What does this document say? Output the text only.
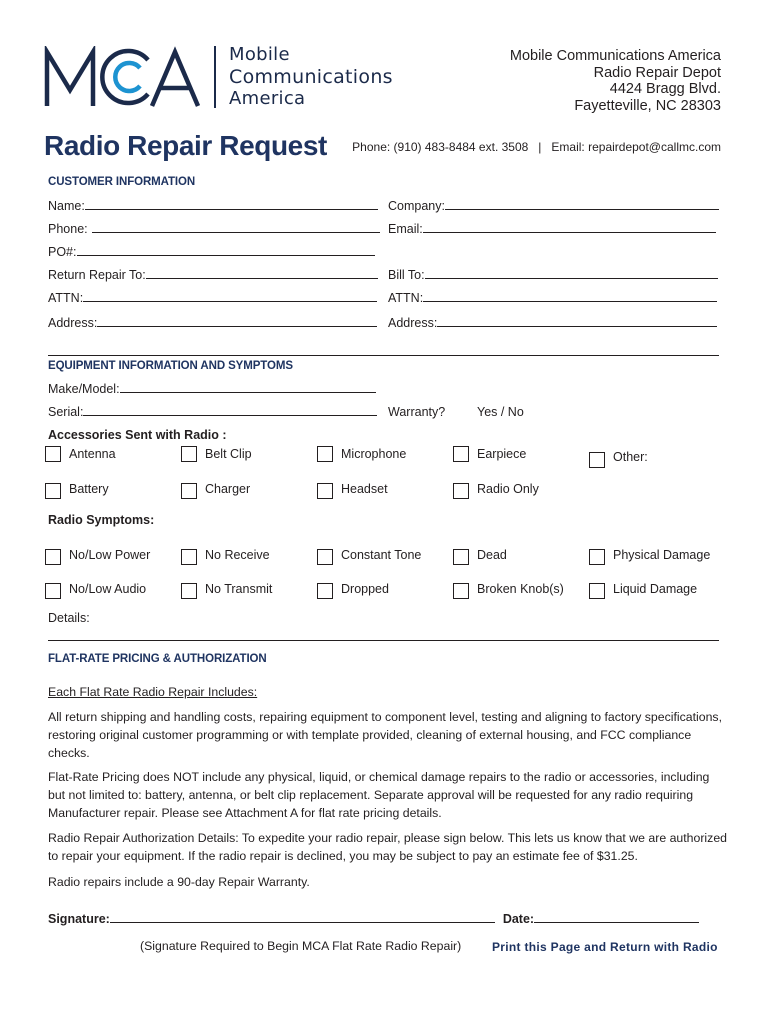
Mobile
Communications
America
Mobile Communications America
Radio Repair Depot
4424 Bragg Blvd.
Fayetteville, NC 28303
Radio Repair Request Phone: (910) 483-8484 ext. 3508   |   Email: repairdepot@callmc.com
CUSTOMER INFORMATION
Name:	Company:
Phone:	Email:
PO#:
Return Repair To:	Bill To:
ATTN:	ATTN:
Address:	Address:
EQUIPMENT INFORMATION AND SYMPTOMS
Make/Model:
Serial:	Warranty?	Yes / No
Accessories Sent with Radio :
Antenna	Belt Clip	Microphone	Earpiece	Other:
Battery	Charger	Headset	Radio Only
Radio Symptoms:
No/Low Power	No Receive	Constant Tone	Dead	Physical Damage
No/Low Audio	No Transmit	Dropped	Broken Knob(s)	Liquid Damage
Details:
FLAT-RATE PRICING & AUTHORIZATION
Each Flat Rate Radio Repair Includes:
All return shipping and handling costs, repairing equipment to component level, testing and aligning to factory specifications, restoring original customer programming or with template provided, cleaning of external housing, and FCC compliance checks.
Flat-Rate Pricing does NOT include any physical, liquid, or chemical damage repairs to the radio or accessories, including but not limited to: battery, antenna, or belt clip replacement. Separate approval will be requested for any radio requiring Manufacturer repair. Please see Attachment A for flat rate pricing details.
Radio Repair Authorization Details: To expedite your radio repair, please sign below. This lets us know that we are authorized to repair your equipment. If the radio repair is declined, you may be subject to pay an estimate fee of $31.25.
Radio repairs include a 90-day Repair Warranty.
Signature:	Date:
(Signature Required to Begin MCA Flat Rate Radio Repair)	Print this Page and Return with Radio
